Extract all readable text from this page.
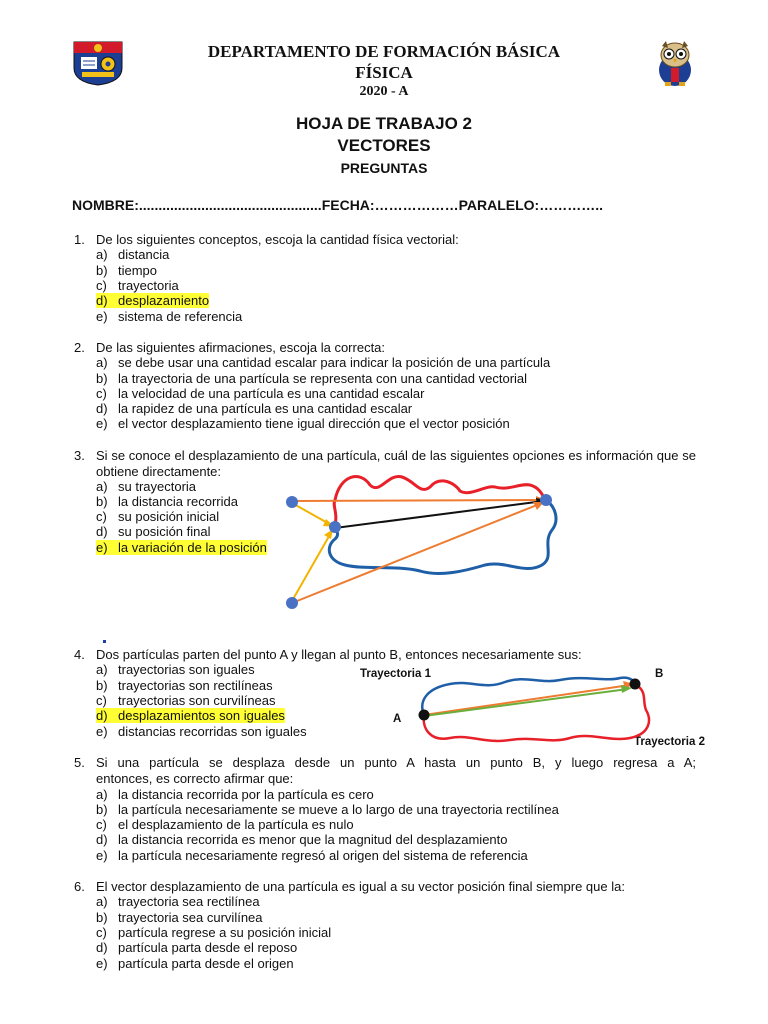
DEPARTAMENTO DE FORMACIÓN BÁSICA
FÍSICA
2020 - A
HOJA DE TRABAJO 2
VECTORES
PREGUNTAS
NOMBRE:...............................................FECHA:………………PARALELO:…………..
1. De los siguientes conceptos, escoja la cantidad física vectorial:
a) distancia
b) tiempo
c) trayectoria
d) desplazamiento
e) sistema de referencia
2. De las siguientes afirmaciones, escoja la correcta:
a) se debe usar una cantidad escalar para indicar la posición de una partícula
b) la trayectoria de una partícula se representa con una cantidad vectorial
c) la velocidad de una partícula es una cantidad escalar
d) la rapidez de una partícula es una cantidad escalar
e) el vector desplazamiento tiene igual dirección que el vector posición
3. Si se conoce el desplazamiento de una partícula, cuál de las siguientes opciones es información que se obtiene directamente:
a) su trayectoria
b) la distancia recorrida
c) su posición inicial
d) su posición final
e) la variación de la posición
4. Dos partículas parten del punto A y llegan al punto B, entonces necesariamente sus:
a) trayectorias son iguales
b) trayectorias son rectilíneas
c) trayectorias son curvilíneas
d) desplazamientos son iguales
e) distancias recorridas son iguales
Trayectoria 1	B
A
Trayectoria 2
5. Si una partícula se desplaza desde un punto A hasta un punto B, y luego regresa a A;
entonces, es correcto afirmar que:
a) la distancia recorrida por la partícula es cero
b) la partícula necesariamente se mueve a lo largo de una trayectoria rectilínea
c) el desplazamiento de la partícula es nulo
d) la distancia recorrida es menor que la magnitud del desplazamiento
e) la partícula necesariamente regresó al origen del sistema de referencia
6. El vector desplazamiento de una partícula es igual a su vector posición final siempre que la:
a) trayectoria sea rectilínea
b) trayectoria sea curvilínea
c) partícula regrese a su posición inicial
d) partícula parta desde el reposo
e) partícula parta desde el origen
